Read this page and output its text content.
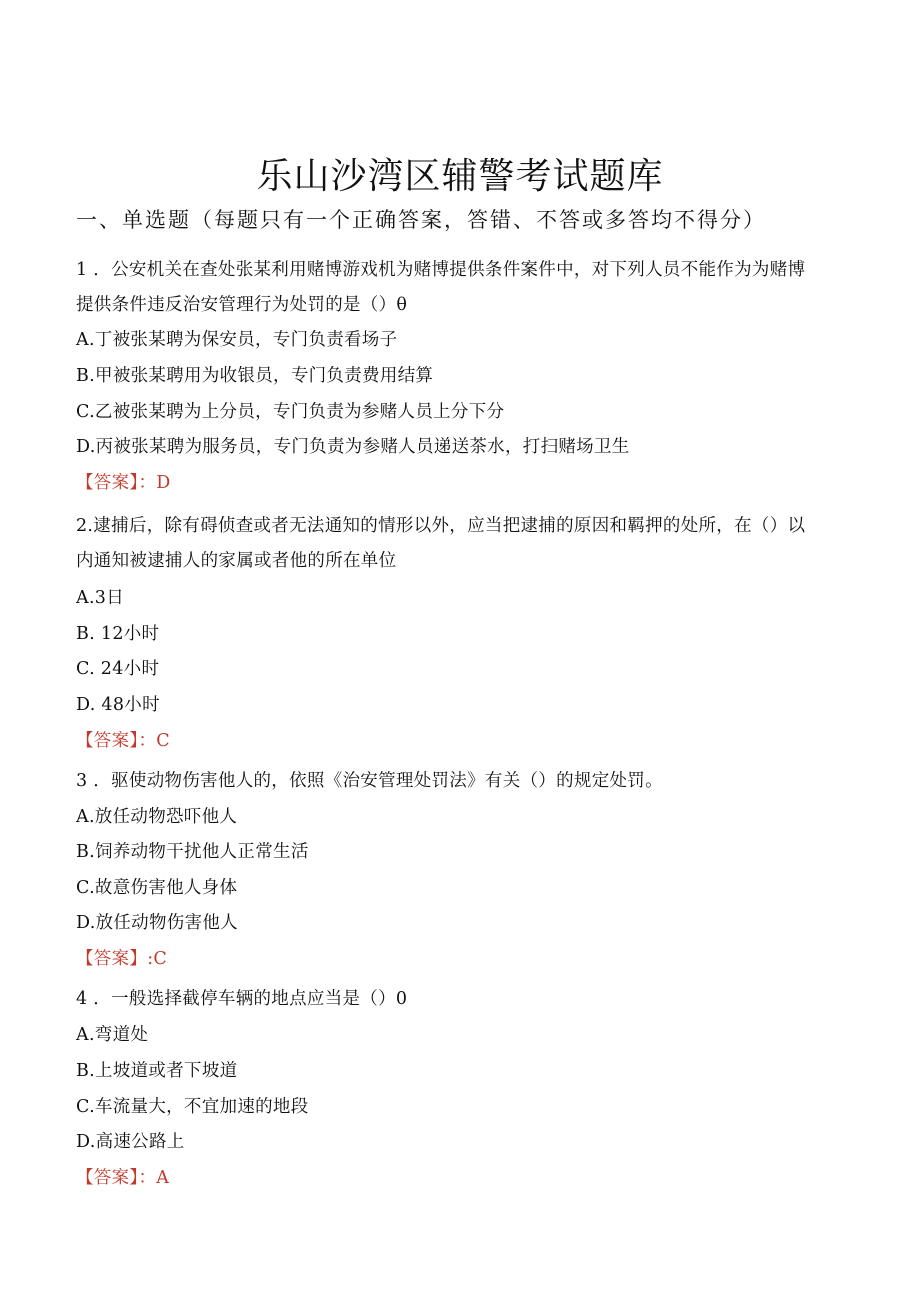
乐山沙湾区辅警考试题库
一、单选题（每题只有一个正确答案，答错、不答或多答均不得分）
1 ．公安机关在查处张某利用赌博游戏机为赌博提供条件案件中，对下列人员不能作为为赌博
提供条件违反治安管理行为处罚的是（）θ
A.丁被张某聘为保安员，专门负责看场子
B.甲被张某聘用为收银员，专门负责费用结算
C.乙被张某聘为上分员，专门负责为参赌人员上分下分
D.丙被张某聘为服务员，专门负责为参赌人员递送茶水，打扫赌场卫生
【答案】：D
2.逮捕后，除有碍侦查或者无法通知的情形以外，应当把逮捕的原因和羁押的处所，在（）以
内通知被逮捕人的家属或者他的所在单位
A.3日
B. 12小时
C. 24小时
D. 48小时
【答案】：C
3 ．驱使动物伤害他人的，依照《治安管理处罚法》有关（）的规定处罚。
A.放任动物恐吓他人
B.饲养动物干扰他人正常生活
C.故意伤害他人身体
D.放任动物伤害他人
【答案】:C
4 ．一般选择截停车辆的地点应当是（）0
A.弯道处
B.上坡道或者下坡道
C.车流量大，不宜加速的地段
D.高速公路上
【答案】：A
